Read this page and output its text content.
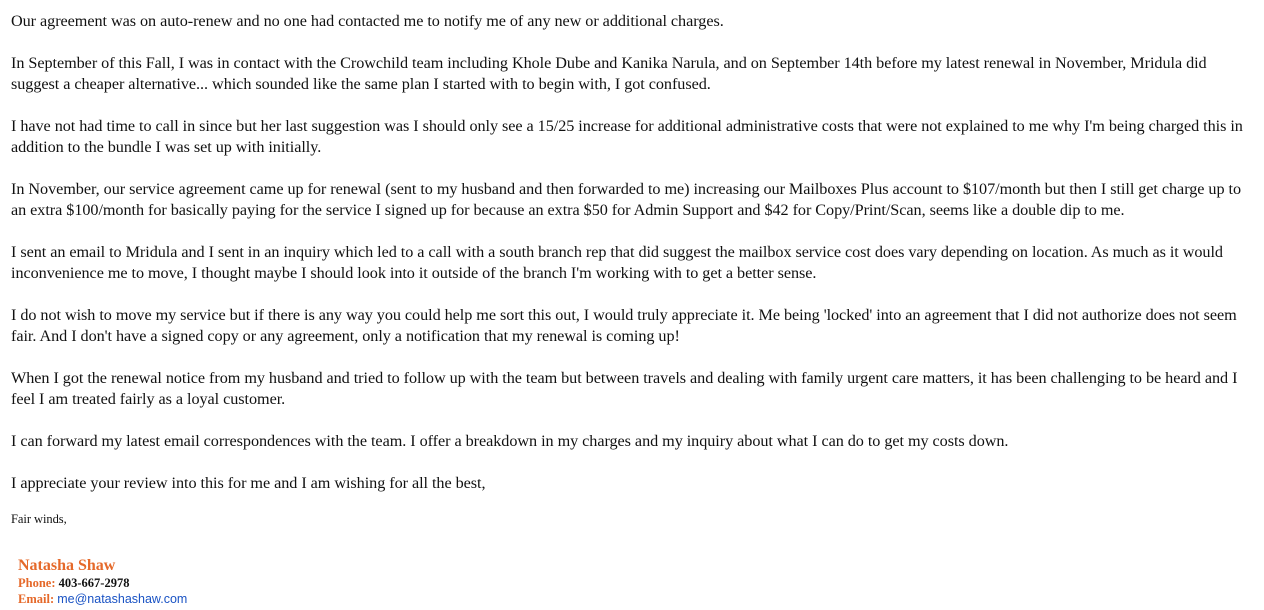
Our agreement was on auto-renew and no one had contacted me to notify me of any new or additional charges.

In September of this Fall, I was in contact with the Crowchild team including Khole Dube and Kanika Narula, and on September 14th before my latest renewal in November, Mridula did suggest a cheaper alternative... which sounded like the same plan I started with to begin with, I got confused.

I have not had time to call in since but her last suggestion was I should only see a 15/25 increase for additional administrative costs that were not explained to me why I'm being charged this in addition to the bundle I was set up with initially.

In November, our service agreement came up for renewal (sent to my husband and then forwarded to me) increasing our Mailboxes Plus account to $107/month but then I still get charge up to an extra $100/month for basically paying for the service I signed up for because an extra $50 for Admin Support and $42 for Copy/Print/Scan, seems like a double dip to me.

I sent an email to Mridula and I sent in an inquiry which led to a call with a south branch rep that did suggest the mailbox service cost does vary depending on location. As much as it would inconvenience me to move, I thought maybe I should look into it outside of the branch I'm working with to get a better sense.

I do not wish to move my service but if there is any way you could help me sort this out, I would truly appreciate it. Me being 'locked' into an agreement that I did not authorize does not seem fair. And I don't have a signed copy or any agreement, only a notification that my renewal is coming up!

When I got the renewal notice from my husband and tried to follow up with the team but between travels and dealing with family urgent care matters, it has been challenging to be heard and I feel I am treated fairly as a loyal customer.

I can forward my latest email correspondences with the team. I offer a breakdown in my charges and my inquiry about what I can do to get my costs down.

I appreciate your review into this for me and I am wishing for all the best,

Fair winds,

Natasha Shaw

Phone: 403-667-2978

Email: me@natashashaw.com
